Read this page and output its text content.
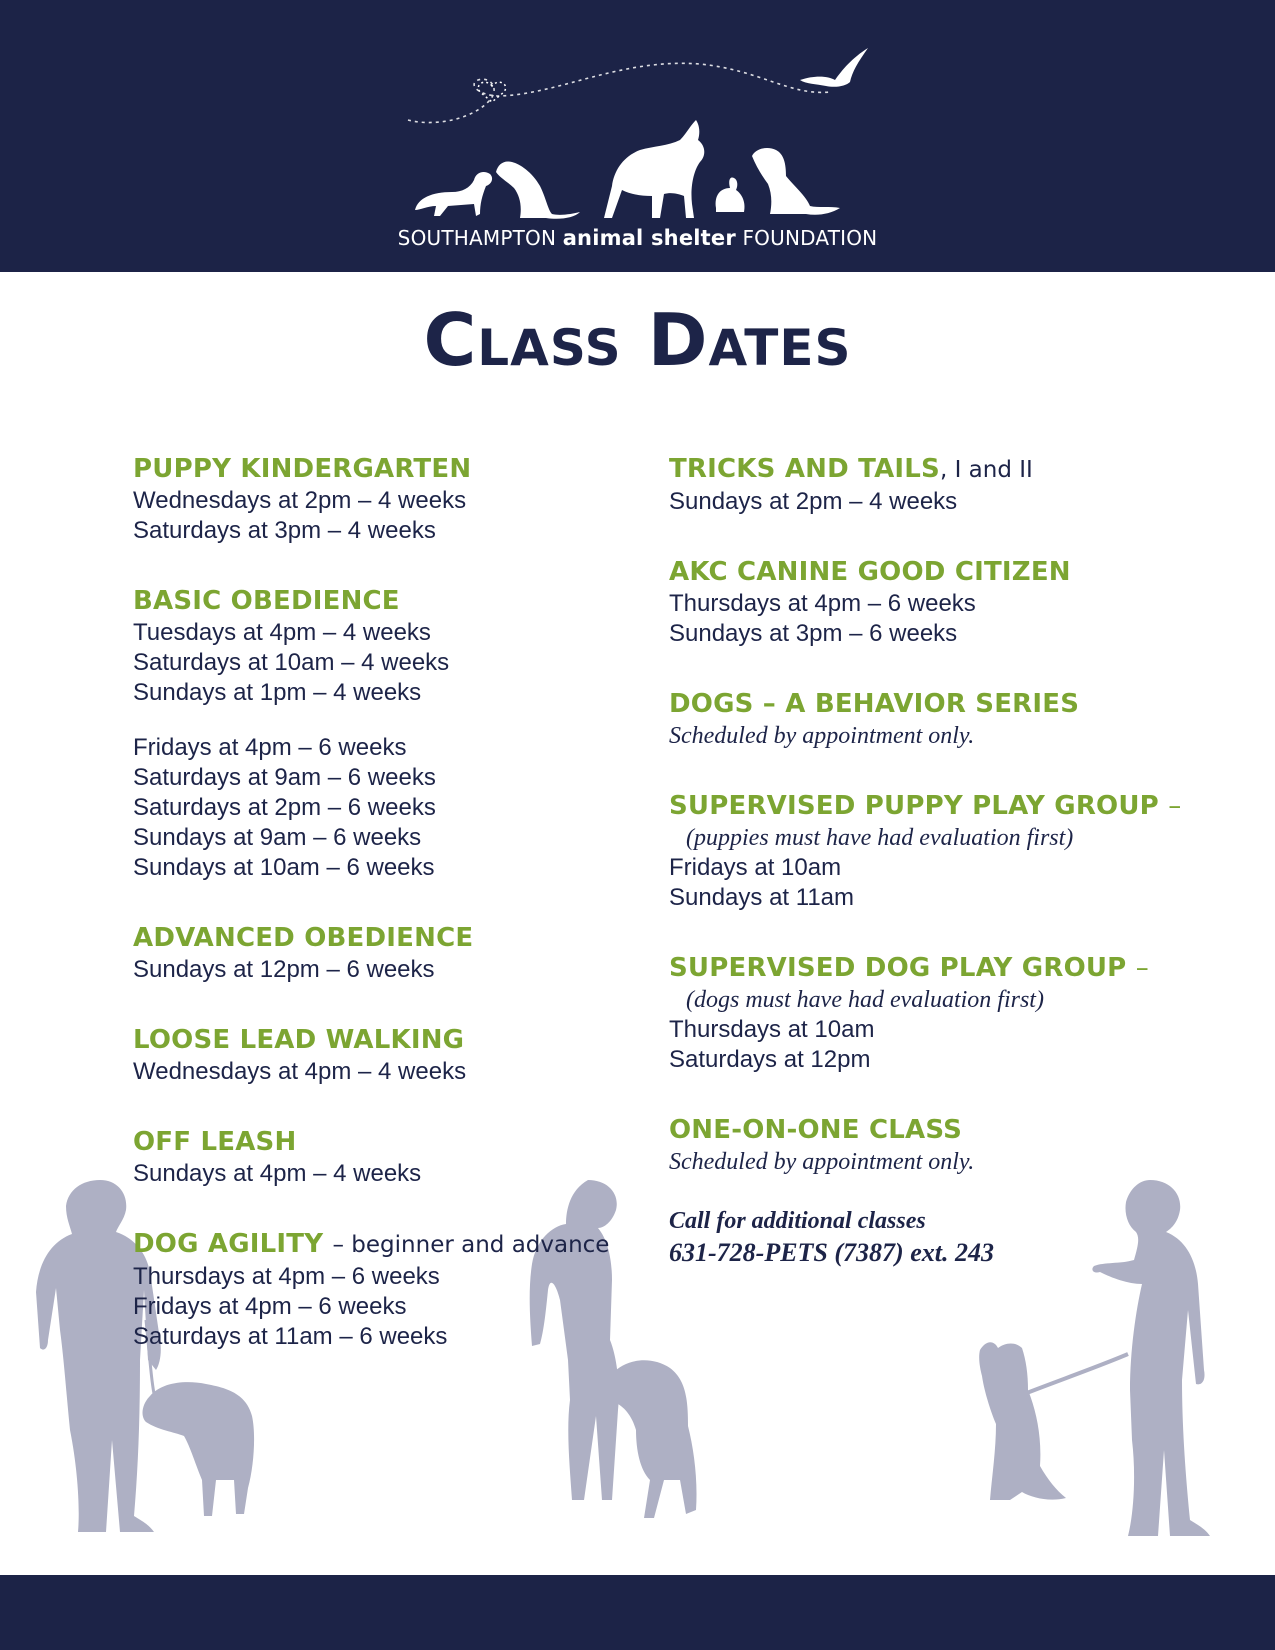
SOUTHAMPTON animal shelter FOUNDATION
Class Dates
PUPPY KINDERGARTEN
Wednesdays at 2pm – 4 weeks
Saturdays at 3pm – 4 weeks
BASIC OBEDIENCE
Tuesdays at 4pm – 4 weeks
Saturdays at 10am – 4 weeks
Sundays at 1pm – 4 weeks
Fridays at 4pm – 6 weeks
Saturdays at 9am – 6 weeks
Saturdays at 2pm – 6 weeks
Sundays at 9am – 6 weeks
Sundays at 10am – 6 weeks
ADVANCED OBEDIENCE
Sundays at 12pm – 6 weeks
LOOSE LEAD WALKING
Wednesdays at 4pm – 4 weeks
OFF LEASH
Sundays at 4pm – 4 weeks
DOG AGILITY – beginner and advance
Thursdays at 4pm – 6 weeks
Fridays at 4pm – 6 weeks
Saturdays at 11am – 6 weeks
TRICKS AND TAILS, I and II
Sundays at 2pm – 4 weeks
AKC CANINE GOOD CITIZEN
Thursdays at 4pm – 6 weeks
Sundays at 3pm – 6 weeks
DOGS – A BEHAVIOR SERIES
Scheduled by appointment only.
SUPERVISED PUPPY PLAY GROUP –
(puppies must have had evaluation first)
Fridays at 10am
Sundays at 11am
SUPERVISED DOG PLAY GROUP –
(dogs must have had evaluation first)
Thursdays at 10am
Saturdays at 12pm
ONE-ON-ONE CLASS
Scheduled by appointment only.
Call for additional classes
631-728-PETS (7387) ext. 243
